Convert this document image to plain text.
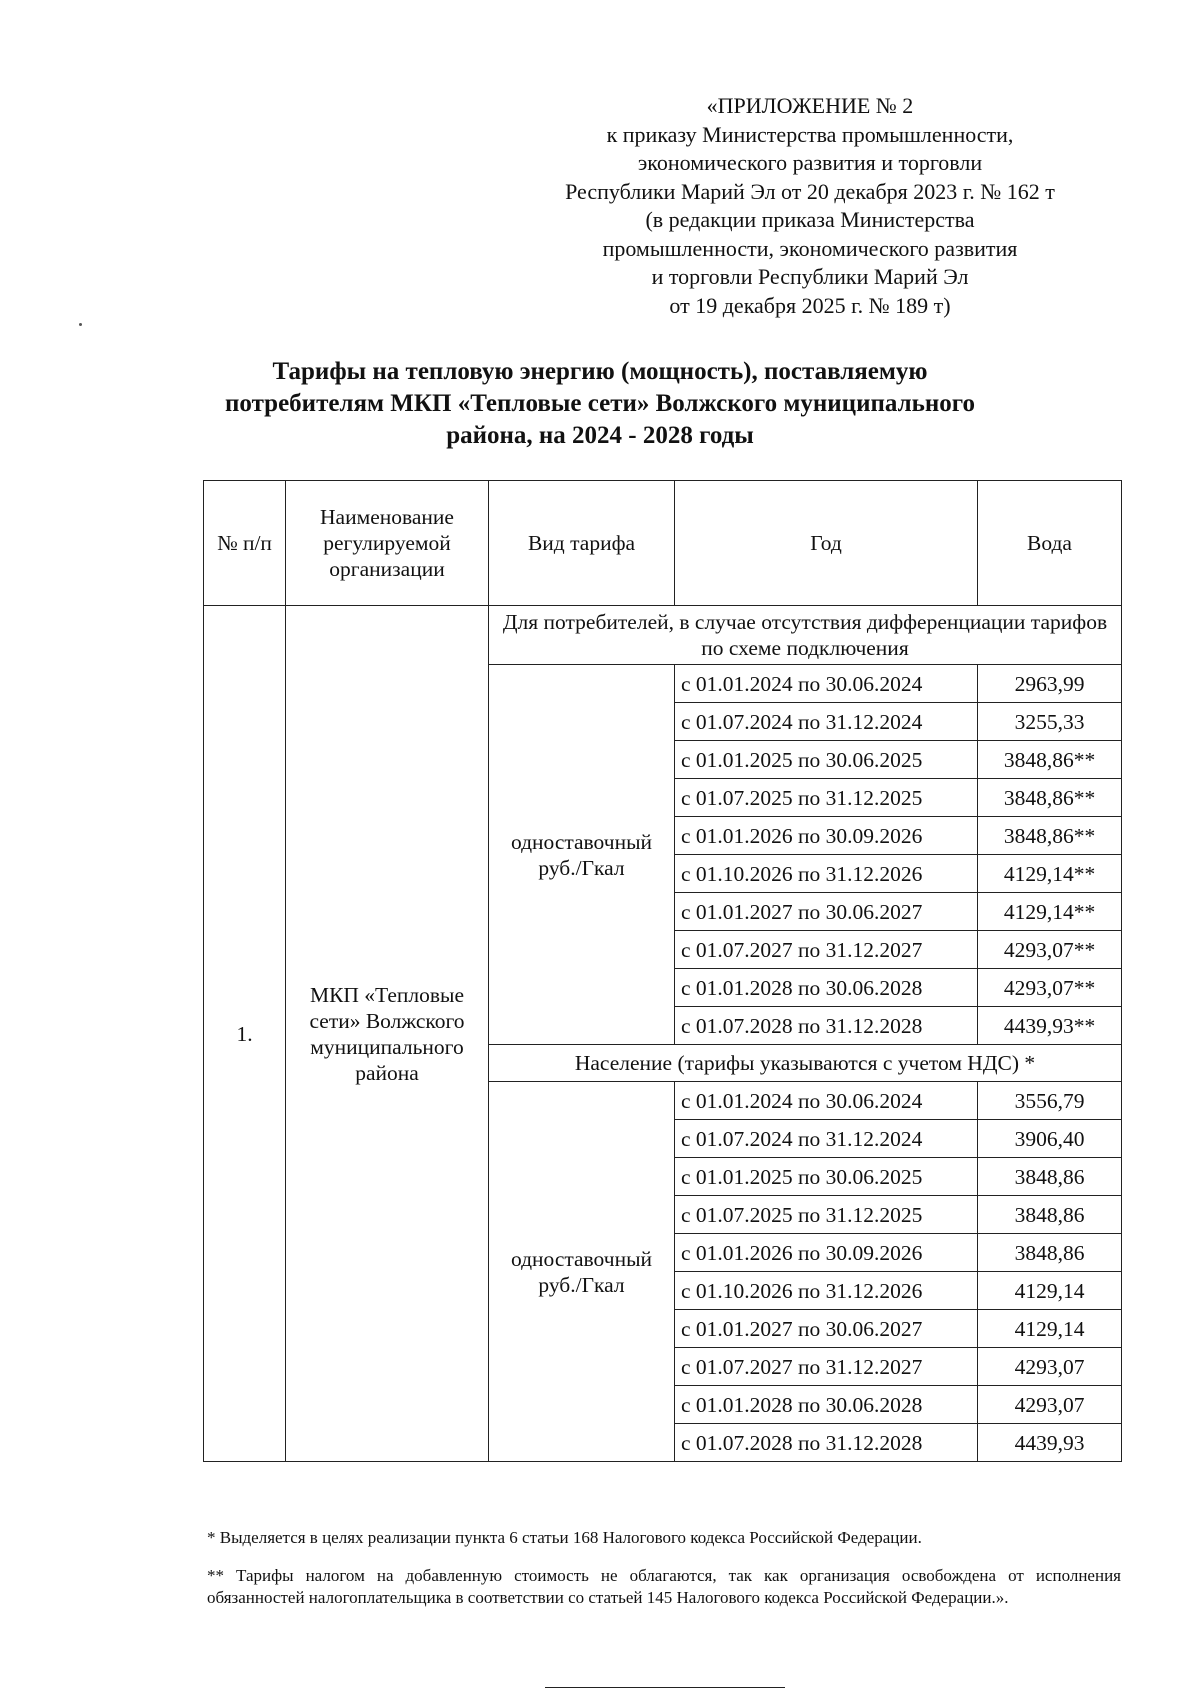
«ПРИЛОЖЕНИЕ № 2
к приказу Министерства промышленности,
экономического развития и торговли
Республики Марий Эл от 20 декабря 2023 г. № 162 т
(в редакции приказа Министерства
промышленности, экономического развития
и торговли Республики Марий Эл
от 19 декабря 2025 г. № 189 т)
Тарифы на тепловую энергию (мощность), поставляемую
потребителям МКП «Тепловые сети» Волжского муниципального
района, на 2024 - 2028 годы
№ п/п	Наименование регулируемой организации	Вид тарифа	Год	Вода
1.	МКП «Тепловые сети» Волжского муниципального района	Для потребителей, в случае отсутствия дифференциации тарифов по схеме подключения		
		одноставочный руб./Гкал	с 01.01.2024 по 30.06.2024	2963,99
			с 01.07.2024 по 31.12.2024	3255,33
			с 01.01.2025 по 30.06.2025	3848,86**
			с 01.07.2025 по 31.12.2025	3848,86**
			с 01.01.2026 по 30.09.2026	3848,86**
			с 01.10.2026 по 31.12.2026	4129,14**
			с 01.01.2027 по 30.06.2027	4129,14**
			с 01.07.2027 по 31.12.2027	4293,07**
			с 01.01.2028 по 30.06.2028	4293,07**
			с 01.07.2028 по 31.12.2028	4439,93**
		Население (тарифы указываются с учетом НДС) *		
		одноставочный руб./Гкал	с 01.01.2024 по 30.06.2024	3556,79
			с 01.07.2024 по 31.12.2024	3906,40
			с 01.01.2025 по 30.06.2025	3848,86
			с 01.07.2025 по 31.12.2025	3848,86
			с 01.01.2026 по 30.09.2026	3848,86
			с 01.10.2026 по 31.12.2026	4129,14
			с 01.01.2027 по 30.06.2027	4129,14
			с 01.07.2027 по 31.12.2027	4293,07
			с 01.01.2028 по 30.06.2028	4293,07
			с 01.07.2028 по 31.12.2028	4439,93
* Выделяется в целях реализации пункта 6 статьи 168 Налогового кодекса Российской Федерации.
** Тарифы налогом на добавленную стоимость не облагаются, так как организация освобождена от исполнения обязанностей налогоплательщика в соответствии со статьей 145 Налогового кодекса Российской Федерации.».
